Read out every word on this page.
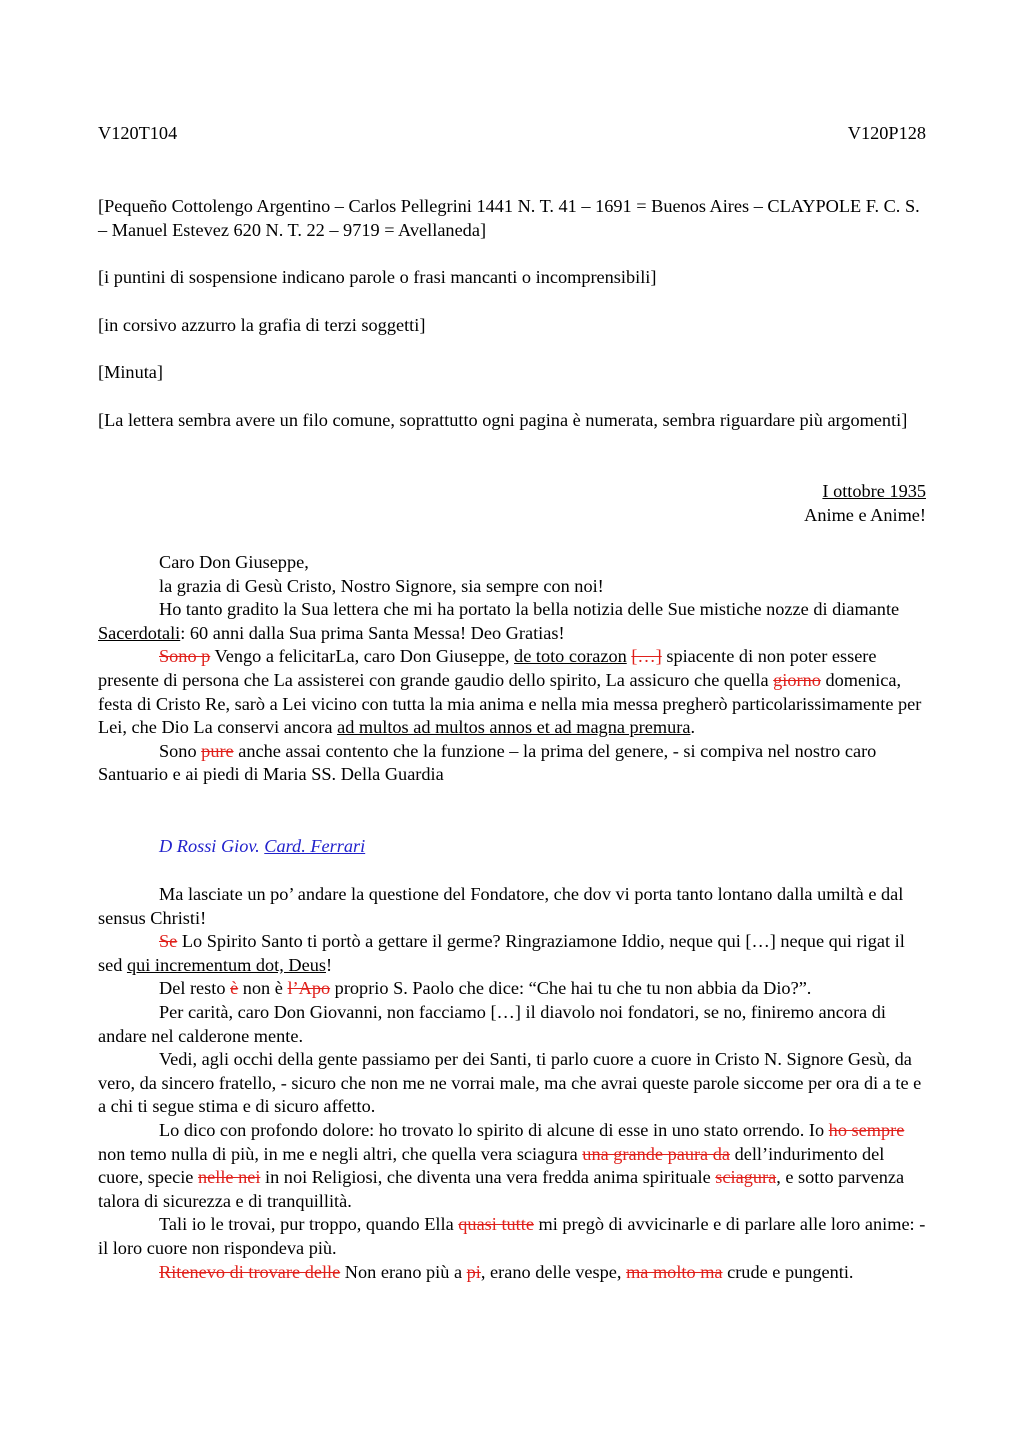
V120T104	V120P128

[Pequeño Cottolengo Argentino – Carlos Pellegrini 1441 N. T. 41 – 1691 = Buenos Aires – CLAYPOLE F. C. S. – Manuel Estevez 620 N. T. 22 – 9719 = Avellaneda]

[i puntini di sospensione indicano parole o frasi mancanti o incomprensibili]

[in corsivo azzurro la grafia di terzi soggetti]

[Minuta]

[La lettera sembra avere un filo comune, soprattutto ogni pagina è numerata, sembra riguardare più argomenti]

I ottobre 1935

Anime e Anime!

Caro Don Giuseppe,

la grazia di Gesù Cristo, Nostro Signore, sia sempre con noi!

Ho tanto gradito la Sua lettera che mi ha portato la bella notizia delle Sue mistiche nozze di diamante Sacerdotali: 60 anni dalla Sua prima Santa Messa! Deo Gratias!

Sono p Vengo a felicitarLa, caro Don Giuseppe, de toto corazon […] spiacente di non poter essere presente di persona che La assisterei con grande gaudio dello spirito, La assicuro che quella giorno domenica, festa di Cristo Re, sarò a Lei vicino con tutta la mia anima e nella mia messa pregherò particolarissimamente per Lei, che Dio La conservi ancora ad multos ad multos annos et ad magna premura.

Sono pure anche assai contento che la funzione – la prima del genere, - si compiva nel nostro caro Santuario e ai piedi di Maria SS. Della Guardia

D Rossi Giov. Card. Ferrari

Ma lasciate un po’ andare la questione del Fondatore, che dov vi porta tanto lontano dalla umiltà e dal sensus Christi!

Se Lo Spirito Santo ti portò a gettare il germe? Ringraziamone Iddio, neque qui […] neque qui rigat il sed qui incrementum dot, Deus!

Del resto è non è l’Apo proprio S. Paolo che dice: “Che hai tu che tu non abbia da Dio?”.

Per carità, caro Don Giovanni, non facciamo […] il diavolo noi fondatori, se no, finiremo ancora di andare nel calderone mente.

Vedi, agli occhi della gente passiamo per dei Santi, ti parlo cuore a cuore in Cristo N. Signore Gesù, da vero, da sincero fratello, - sicuro che non me ne vorrai male, ma che avrai queste parole siccome per ora di a te e a chi ti segue stima e di sicuro affetto.

Lo dico con profondo dolore: ho trovato lo spirito di alcune di esse in uno stato orrendo. Io ho sempre non temo nulla di più, in me e negli altri, che quella vera sciagura una grande paura da dell’indurimento del cuore, specie nelle nei in noi Religiosi, che diventa una vera fredda anima spirituale sciagura, e sotto parvenza talora di sicurezza e di tranquillità.

Tali io le trovai, pur troppo, quando Ella quasi tutte mi pregò di avvicinarle e di parlare alle loro anime: - il loro cuore non rispondeva più.

Ritenevo di trovare delle Non erano più a pi, erano delle vespe, ma molto ma crude e pungenti.
